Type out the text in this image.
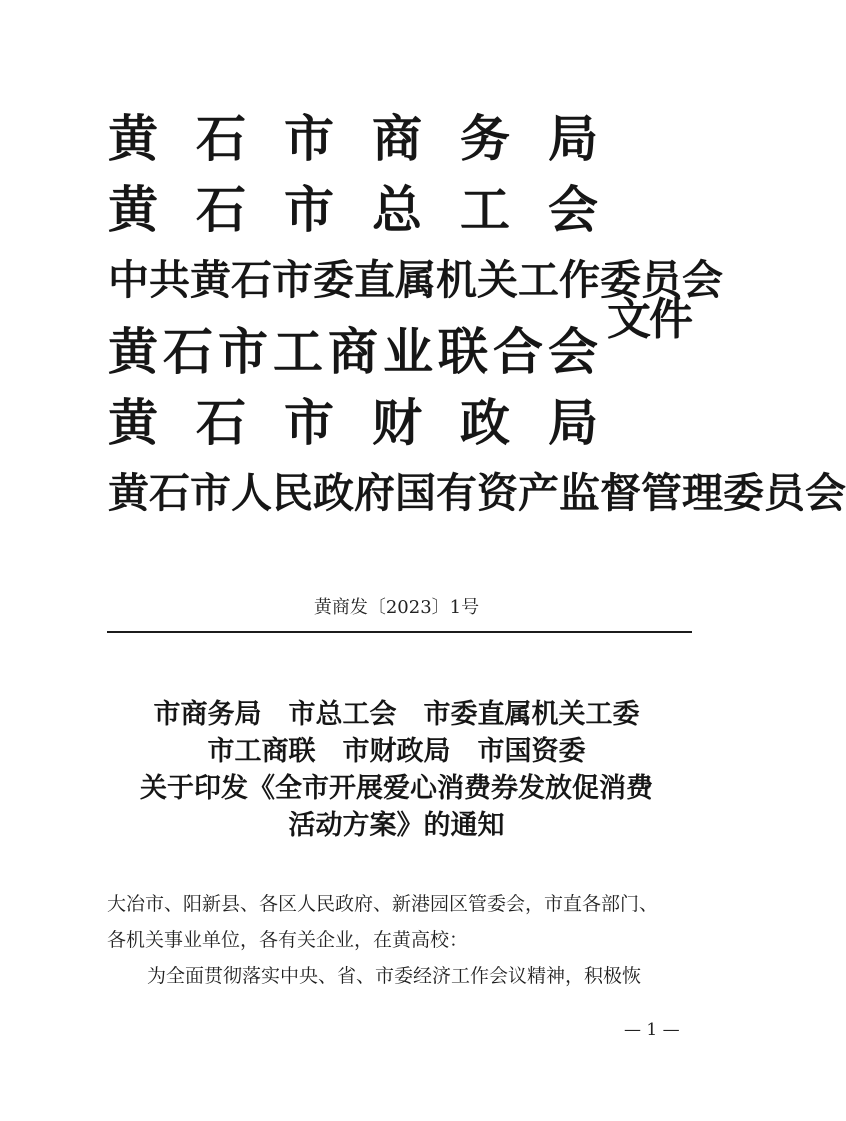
黄 石 市 商 务 局
黄 石 市 总 工 会
中 共 黄 石 市 委 直 属 机 关 工 作 委 员 会
黄 石 市 工 商 业 联 合 会
黄 石 市 财 政 局
黄 石 市 人 民 政 府 国 有 资 产 监 督 管 理 委 员 会
文件
黄商发〔2023〕1号
市商务局　市总工会　市委直属机关工委
市工商联　市财政局　市国资委
关于印发《全市开展爱心消费券发放促消费
活动方案》的通知
大冶市、阳新县、各区人民政府、新港园区管委会，市直各部门、
各机关事业单位，各有关企业，在黄高校：
为全面贯彻落实中央、省、市委经济工作会议精神，积极恢
— 1 —
